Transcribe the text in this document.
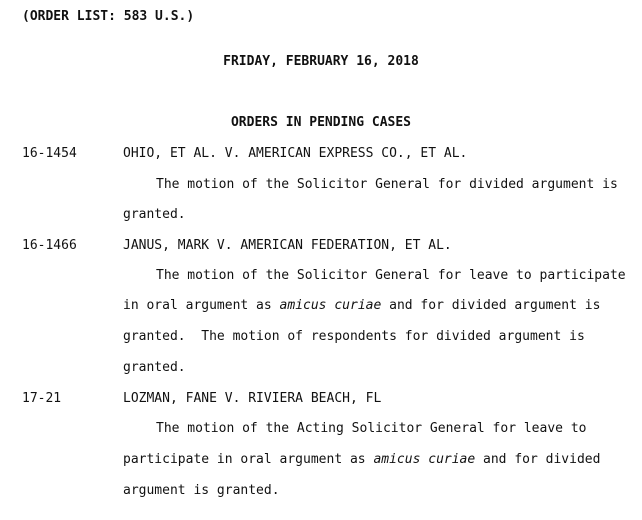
(ORDER LIST: 583 U.S.)
FRIDAY, FEBRUARY 16, 2018
ORDERS IN PENDING CASES
16-1454	OHIO, ET AL. V. AMERICAN EXPRESS CO., ET AL.
The motion of the Solicitor General for divided argument is
granted.
16-1466	JANUS, MARK V. AMERICAN FEDERATION, ET AL.
The motion of the Solicitor General for leave to participate
in oral argument as amicus curiae and for divided argument is
granted.  The motion of respondents for divided argument is
granted.
17-21	LOZMAN, FANE V. RIVIERA BEACH, FL
The motion of the Acting Solicitor General for leave to
participate in oral argument as amicus curiae and for divided
argument is granted.
